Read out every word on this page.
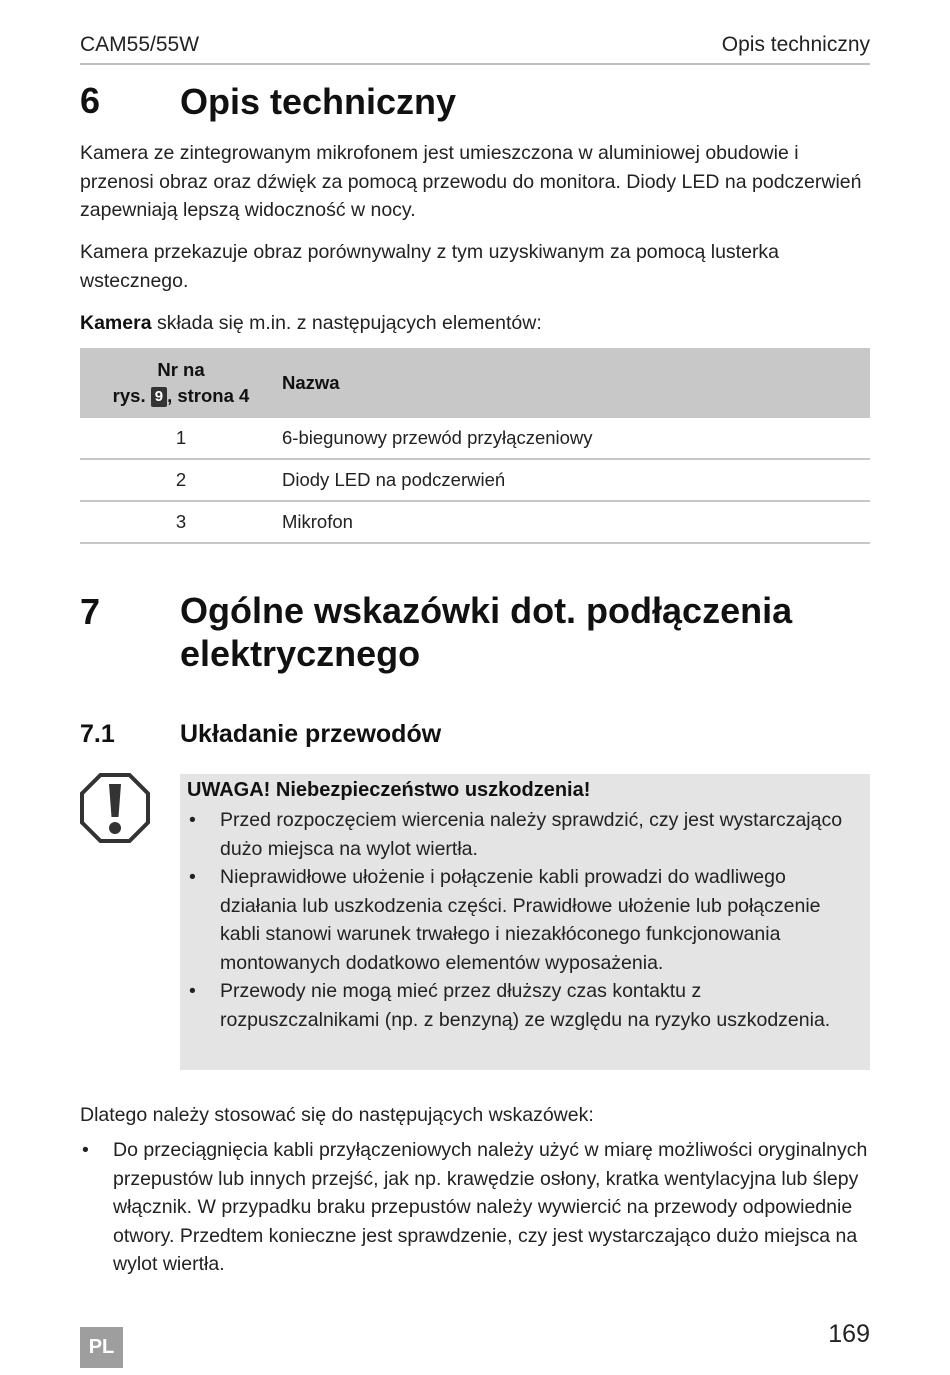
CAM55/55W	Opis techniczny
6 Opis techniczny
Kamera ze zintegrowanym mikrofonem jest umieszczona w aluminiowej obudowie i przenosi obraz oraz dźwięk za pomocą przewodu do monitora. Diody LED na podczerwień zapewniają lepszą widoczność w nocy.
Kamera przekazuje obraz porównywalny z tym uzyskiwanym za pomocą lusterka wstecznego.
Kamera składa się m.in. z następujących elementów:
Nr na
rys. 9 , strona 4	Nazwa
1	6-biegunowy przewód przyłączeniowy
2	Diody LED na podczerwień
3	Mikrofon
7 Ogólne wskazówki dot. podłączenia
elektrycznego
7.1	Układanie przewodów
UWAGA! Niebezpieczeństwo uszkodzenia!
• Przed rozpoczęciem wiercenia należy sprawdzić, czy jest wystarczająco dużo miejsca na wylot wiertła.
• Nieprawidłowe ułożenie i połączenie kabli prowadzi do wadliwego działania lub uszkodzenia części. Prawidłowe ułożenie lub połączenie kabli stanowi warunek trwałego i niezakłóconego funkcjonowania montowanych dodatkowo elementów wyposażenia.
• Przewody nie mogą mieć przez dłuższy czas kontaktu z rozpuszczalnikami (np. z benzyną) ze względu na ryzyko uszkodzenia.
Dlatego należy stosować się do następujących wskazówek:
• Do przeciągnięcia kabli przyłączeniowych należy użyć w miarę możliwości oryginalnych przepustów lub innych przejść, jak np. krawędzie osłony, kratka wentylacyjna lub ślepy włącznik. W przypadku braku przepustów należy wywiercić na przewody odpowiednie otwory. Przedtem konieczne jest sprawdzenie, czy jest wystarczająco dużo miejsca na wylot wiertła.
PL	169
